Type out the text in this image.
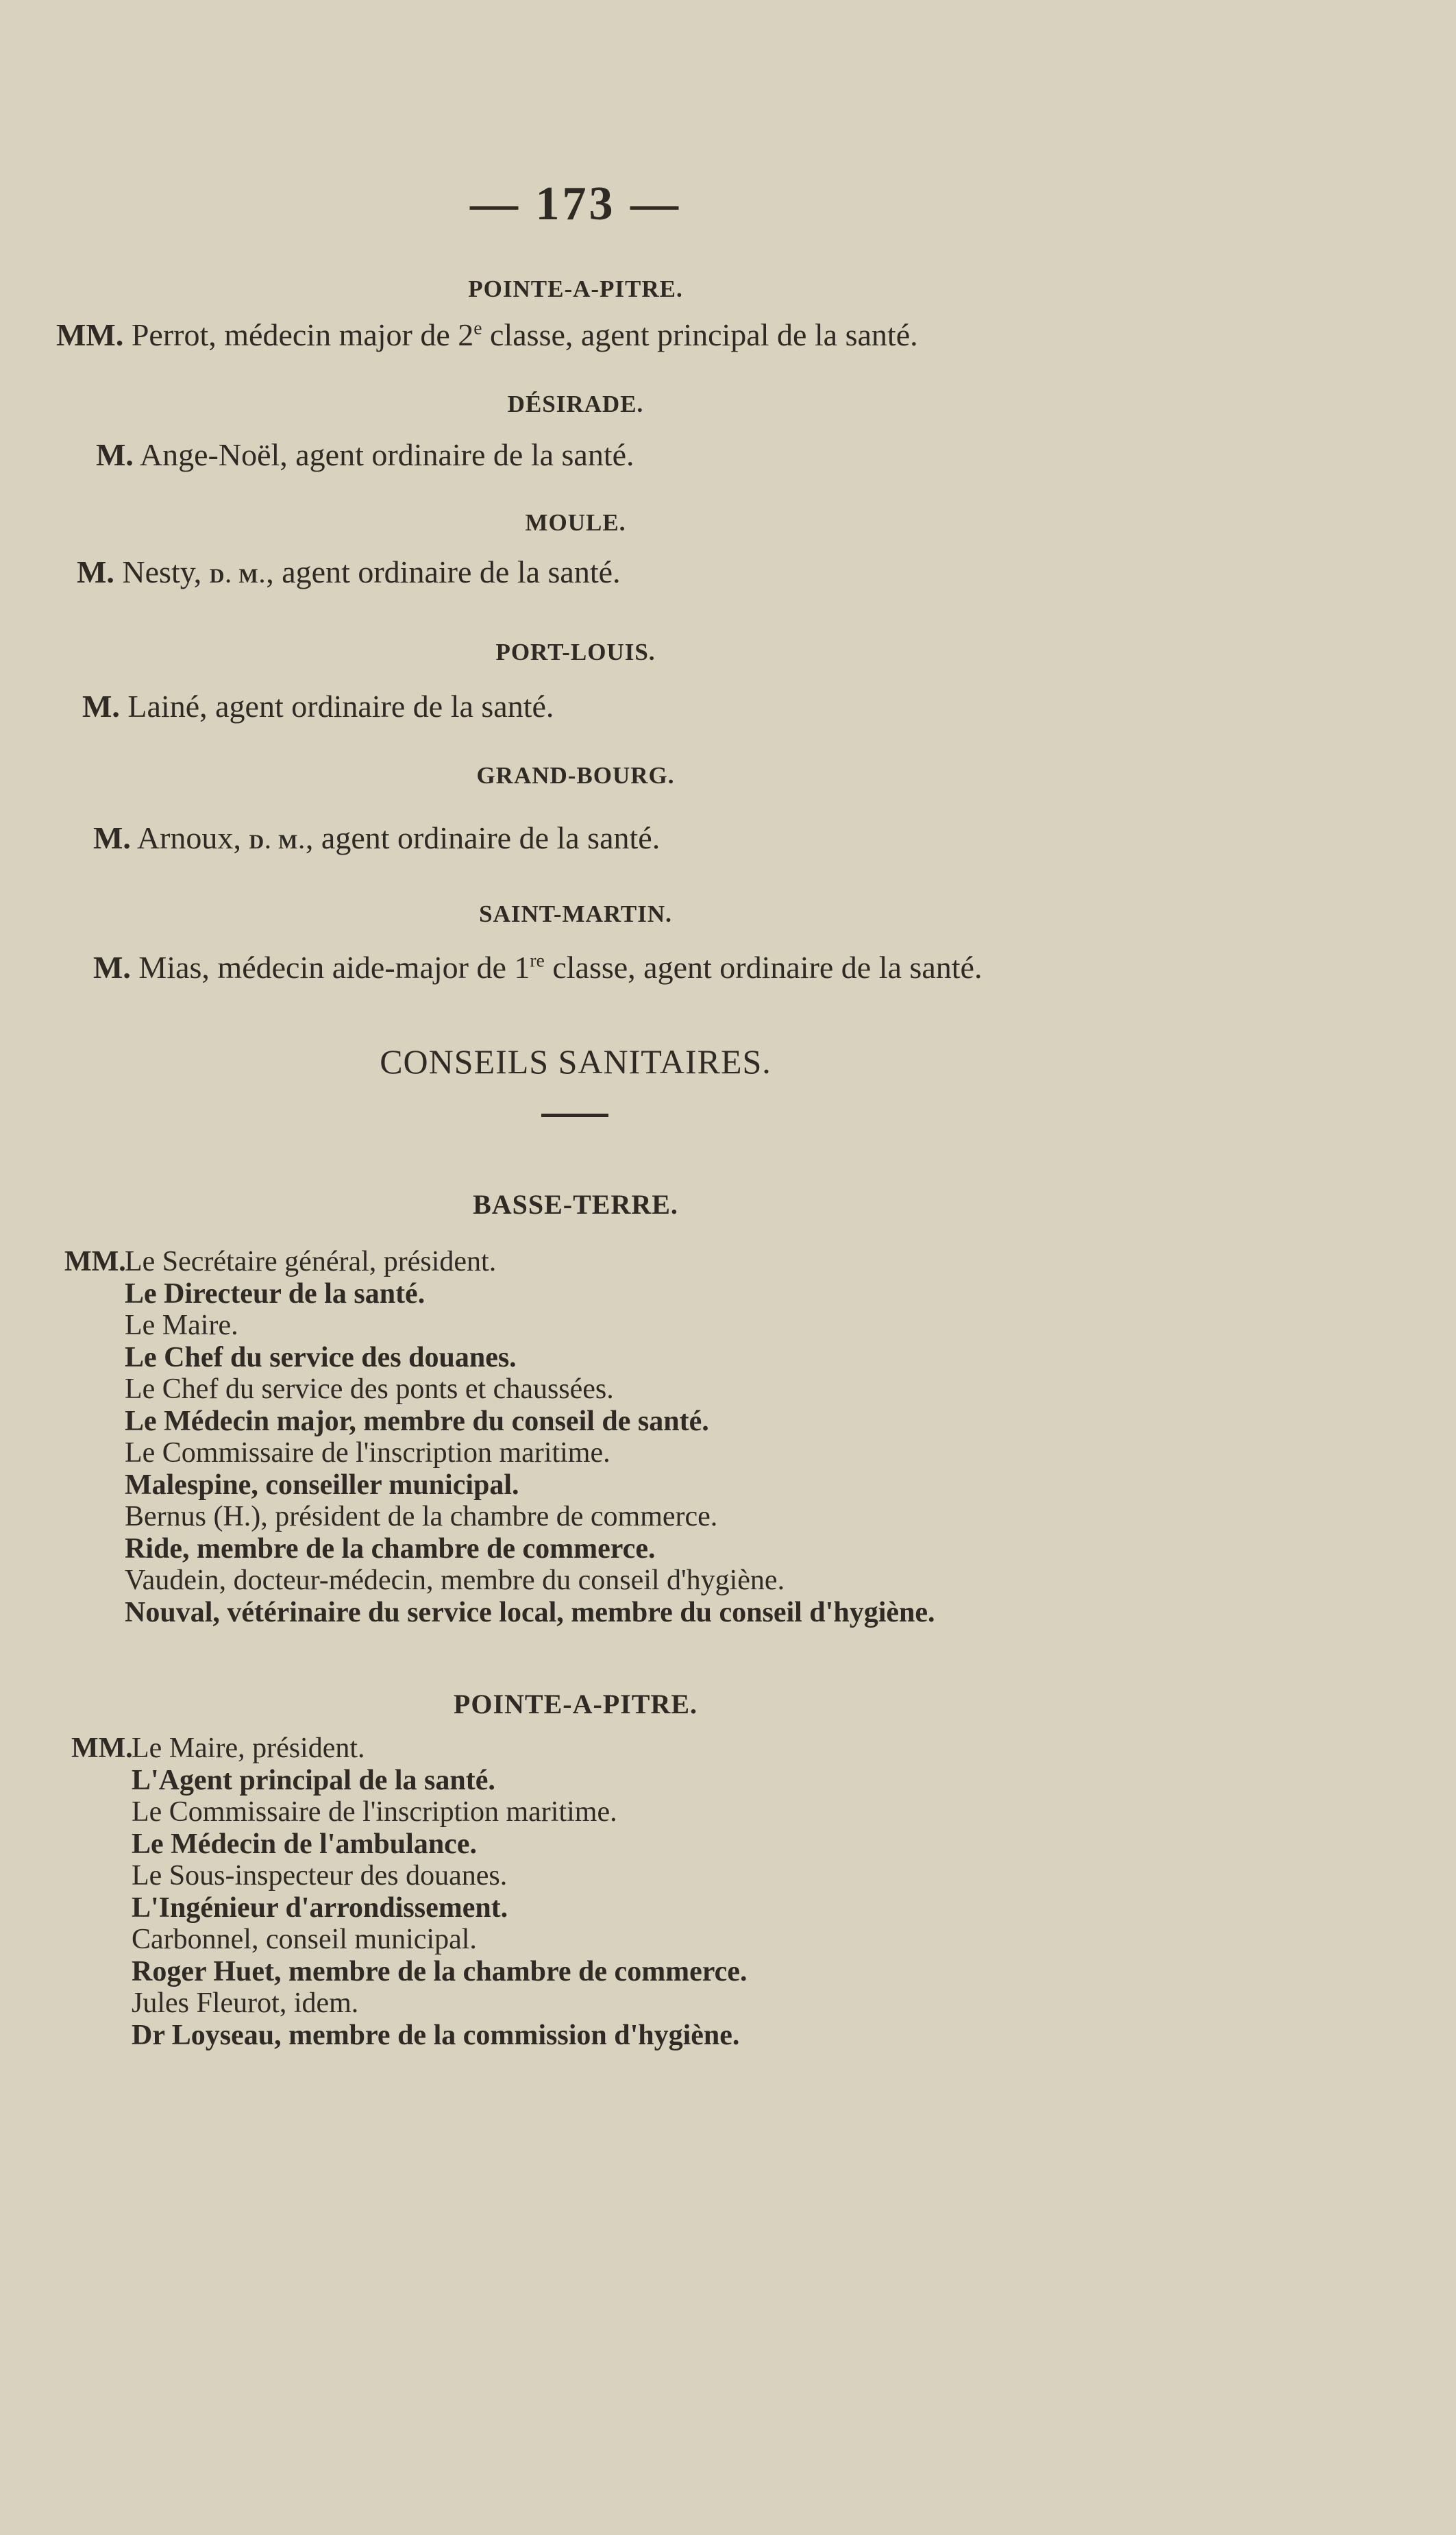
— 173 —
POINTE-A-PITRE.
MM. Perrot, médecin major de 2e classe, agent principal de la santé.
DÉSIRADE.
M. Ange-Noël, agent ordinaire de la santé.
MOULE.
M. Nesty, D. M., agent ordinaire de la santé.
PORT-LOUIS.
M. Lainé, agent ordinaire de la santé.
GRAND-BOURG.
M. Arnoux, D. M., agent ordinaire de la santé.
SAINT-MARTIN.
M. Mias, médecin aide-major de 1re classe, agent ordinaire de la santé.
CONSEILS SANITAIRES.
BASSE-TERRE.
MM.
Le Secrétaire général, président.
Le Directeur de la santé.
Le Maire.
Le Chef du service des douanes.
Le Chef du service des ponts et chaussées.
Le Médecin major, membre du conseil de santé.
Le Commissaire de l'inscription maritime.
Malespine, conseiller municipal.
Bernus (H.), président de la chambre de commerce.
Ride, membre de la chambre de commerce.
Vaudein, docteur-médecin, membre du conseil d'hygiène.
Nouval, vétérinaire du service local, membre du conseil d'hygiène.
POINTE-A-PITRE.
MM.
Le Maire, président.
L'Agent principal de la santé.
Le Commissaire de l'inscription maritime.
Le Médecin de l'ambulance.
Le Sous-inspecteur des douanes.
L'Ingénieur d'arrondissement.
Carbonnel, conseil municipal.
Roger Huet, membre de la chambre de commerce.
Jules Fleurot, idem.
Dr Loyseau, membre de la commission d'hygiène.
